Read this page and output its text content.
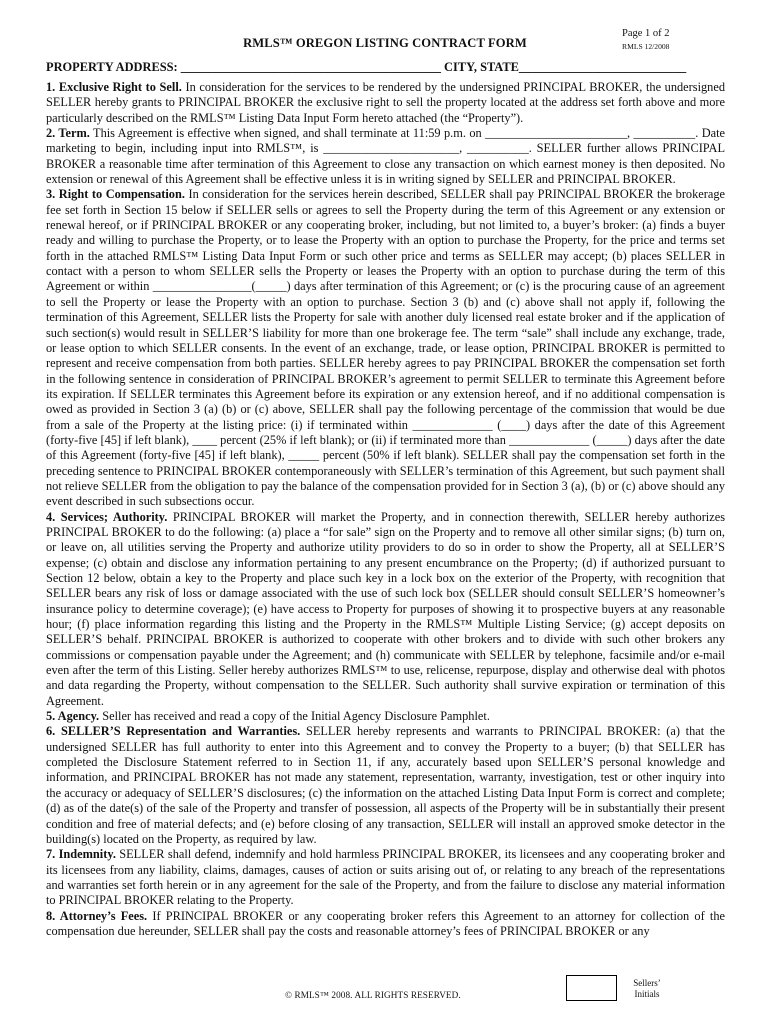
RMLS™ OREGON LISTING CONTRACT FORM
Page 1 of 2
RMLS 12/2008
PROPERTY ADDRESS: __________________________________________ CITY, STATE___________________________

1. Exclusive Right to Sell. In consideration for the services to be rendered by the undersigned PRINCIPAL BROKER, the undersigned SELLER hereby grants to PRINCIPAL BROKER the exclusive right to sell the property located at the address set forth above and more particularly described on the RMLS™ Listing Data Input Form hereto attached (the “Property”).

2. Term. This Agreement is effective when signed, and shall terminate at 11:59 p.m. on _______________________, __________. Date marketing to begin, including input into RMLS™, is ______________________, __________. SELLER further allows PRINCIPAL BROKER a reasonable time after termination of this Agreement to close any transaction on which earnest money is then deposited. No extension or renewal of this Agreement shall be effective unless it is in writing signed by SELLER and PRINCIPAL BROKER.

3. Right to Compensation. In consideration for the services herein described, SELLER shall pay PRINCIPAL BROKER the brokerage fee set forth in Section 15 below if SELLER sells or agrees to sell the Property during the term of this Agreement or any extension or renewal hereof, or if PRINCIPAL BROKER or any cooperating broker, including, but not limited to, a buyer’s broker: (a) finds a buyer ready and willing to purchase the Property, or to lease the Property with an option to purchase the Property, for the price and terms set forth in the attached RMLS™ Listing Data Input Form or such other price and terms as SELLER may accept; (b) places SELLER in contact with a person to whom SELLER sells the Property or leases the Property with an option to purchase during the term of this Agreement or within ________________(_____) days after termination of this Agreement; or (c) is the procuring cause of an agreement to sell the Property or lease the Property with an option to purchase. Section 3 (b) and (c) above shall not apply if, following the termination of this Agreement, SELLER lists the Property for sale with another duly licensed real estate broker and if the application of such section(s) would result in SELLER’S liability for more than one brokerage fee. The term “sale” shall include any exchange, trade, or lease option to which SELLER consents. In the event of an exchange, trade, or lease option, PRINCIPAL BROKER is permitted to represent and receive compensation from both parties. SELLER hereby agrees to pay PRINCIPAL BROKER the compensation set forth in the following sentence in consideration of PRINCIPAL BROKER’s agreement to permit SELLER to terminate this Agreement before its expiration. If SELLER terminates this Agreement before its expiration or any extension hereof, and if no additional compensation is owed as provided in Section 3 (a) (b) or (c) above, SELLER shall pay the following percentage of the commission that would be due from a sale of the Property at the listing price: (i) if terminated within _____________ (____) days after the date of this Agreement (forty-five [45] if left blank), ____ percent (25% if left blank); or (ii) if terminated more than _____________ (_____) days after the date of this Agreement (forty-five [45] if left blank), _____ percent (50% if left blank). SELLER shall pay the compensation set forth in the preceding sentence to PRINCIPAL BROKER contemporaneously with SELLER’s termination of this Agreement, but such payment shall not relieve SELLER from the obligation to pay the balance of the compensation provided for in Section 3 (a), (b) or (c) above should any event described in such subsections occur.

4. Services; Authority. PRINCIPAL BROKER will market the Property, and in connection therewith, SELLER hereby authorizes PRINCIPAL BROKER to do the following: (a) place a “for sale” sign on the Property and to remove all other similar signs; (b) turn on, or leave on, all utilities serving the Property and authorize utility providers to do so in order to show the Property, all at SELLER’S expense; (c) obtain and disclose any information pertaining to any present encumbrance on the Property; (d) if authorized pursuant to Section 12 below, obtain a key to the Property and place such key in a lock box on the exterior of the Property, with recognition that SELLER bears any risk of loss or damage associated with the use of such lock box (SELLER should consult SELLER’S homeowner’s insurance policy to determine coverage); (e) have access to Property for purposes of showing it to prospective buyers at any reasonable hour; (f) place information regarding this listing and the Property in the RMLS™ Multiple Listing Service; (g) accept deposits on SELLER’S behalf. PRINCIPAL BROKER is authorized to cooperate with other brokers and to divide with such other brokers any commissions or compensation payable under the Agreement; and (h) communicate with SELLER by telephone, facsimile and/or e-mail even after the term of this Listing. Seller hereby authorizes RMLS™ to use, relicense, repurpose, display and otherwise deal with photos and data regarding the Property, without compensation to the SELLER. Such authority shall survive expiration or termination of this Agreement.

5. Agency. Seller has received and read a copy of the Initial Agency Disclosure Pamphlet.

6. SELLER’S Representation and Warranties. SELLER hereby represents and warrants to PRINCIPAL BROKER: (a) that the undersigned SELLER has full authority to enter into this Agreement and to convey the Property to a buyer; (b) that SELLER has completed the Disclosure Statement referred to in Section 11, if any, accurately based upon SELLER’S personal knowledge and information, and PRINCIPAL BROKER has not made any statement, representation, warranty, investigation, test or other inquiry into the accuracy or adequacy of SELLER’S disclosures; (c) the information on the attached Listing Data Input Form is correct and complete; (d) as of the date(s) of the sale of the Property and transfer of possession, all aspects of the Property will be in substantially their present condition and free of material defects; and (e) before closing of any transaction, SELLER will install an approved smoke detector in the building(s) located on the Property, as required by law.

7. Indemnity. SELLER shall defend, indemnify and hold harmless PRINCIPAL BROKER, its licensees and any cooperating broker and its licensees from any liability, claims, damages, causes of action or suits arising out of, or relating to any breach of the representations and warranties set forth herein or in any agreement for the sale of the Property, and from the failure to disclose any material information to PRINCIPAL BROKER relating to the Property.

8. Attorney’s Fees. If PRINCIPAL BROKER or any cooperating broker refers this Agreement to an attorney for collection of the compensation due hereunder, SELLER shall pay the costs and reasonable attorney’s fees of PRINCIPAL BROKER or any

© RMLS™ 2008. ALL RIGHTS RESERVED.
Sellers’
Initials
